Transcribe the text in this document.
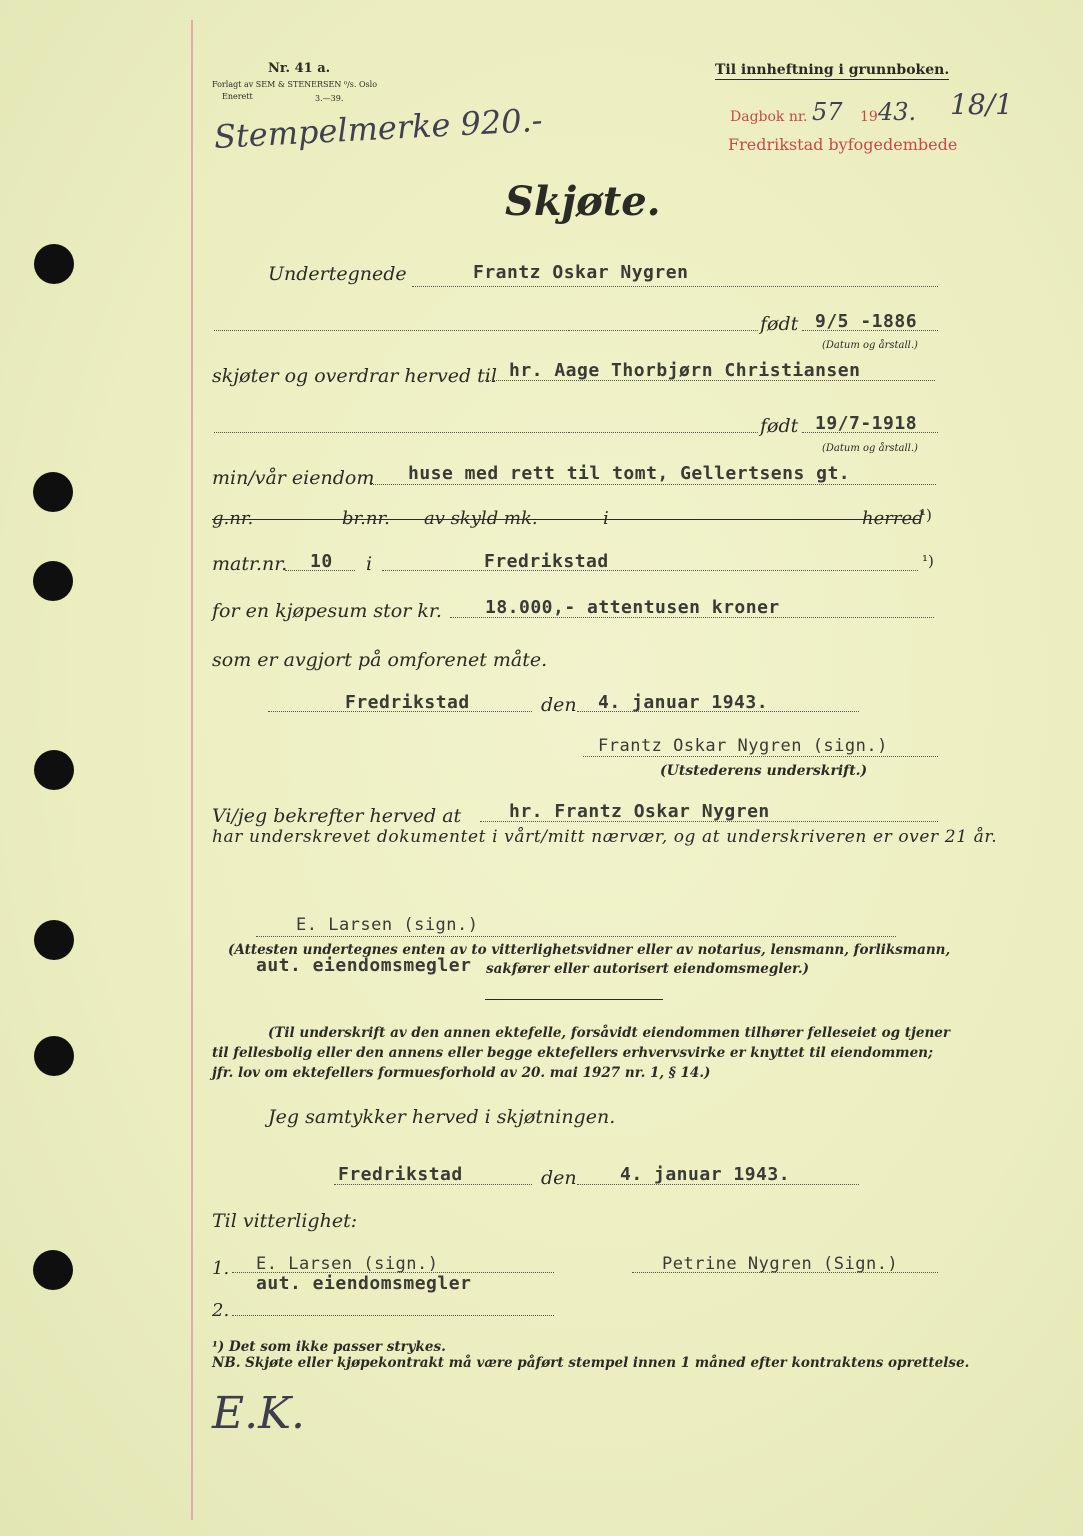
Nr. 41 a.
Forlagt av SEM & STENERSEN ⁰/s. Oslo
Enerett	3.—39.
Til innheftning i grunnboken.
Dagbok nr. 57 19 43. 18/1
Fredrikstad byfogedembede
Stempelmerke 920.-
Skjøte.
Undertegnede	Frantz Oskar Nygren
født 9/5 -1886
(Datum og årstall.)
skjøter og overdrar herved til hr. Aage Thorbjørn Christiansen
født 19/7-1918
(Datum og årstall.)
min/vår eiendom huse med rett til tomt, Gellertsens gt.
g.nr.	br.nr. av skyld mk.	i	herred
¹)
matr.nr. 10 i	Fredrikstad	¹)
for en kjøpesum stor kr. 18.000,- attentusen kroner
som er avgjort på omforenet måte.
Fredrikstad	den 4. januar 1943.
Frantz Oskar Nygren (sign.)
(Utstederens underskrift.)
Vi/jeg bekrefter herved at	hr. Frantz Oskar Nygren
har underskrevet dokumentet i vårt/mitt nærvær, og at underskriveren er over 21 år.
E. Larsen (sign.)
(Attesten undertegnes enten av to vitterlighetsvidner eller av notarius, lensmann, forliksmann,
aut. eiendomsmegler sakfører eller autorisert eiendomsmegler.)
(Til underskrift av den annen ektefelle, forsåvidt eiendommen tilhører felleseiet og tjener
til fellesbolig eller den annens eller begge ektefellers erhvervsvirke er knyttet til eiendommen;
jfr. lov om ektefellers formuesforhold av 20. mai 1927 nr. 1, § 14.)
Jeg samtykker herved i skjøtningen.
Fredrikstad	den 4. januar 1943.
Til vitterlighet:
1. E. Larsen (sign.)
aut. eiendomsmegler
Petrine Nygren (Sign.)
2.
¹) Det som ikke passer strykes.
NB. Skjøte eller kjøpekontrakt må være påført stempel innen 1 måned efter kontraktens oprettelse.
E.K.
